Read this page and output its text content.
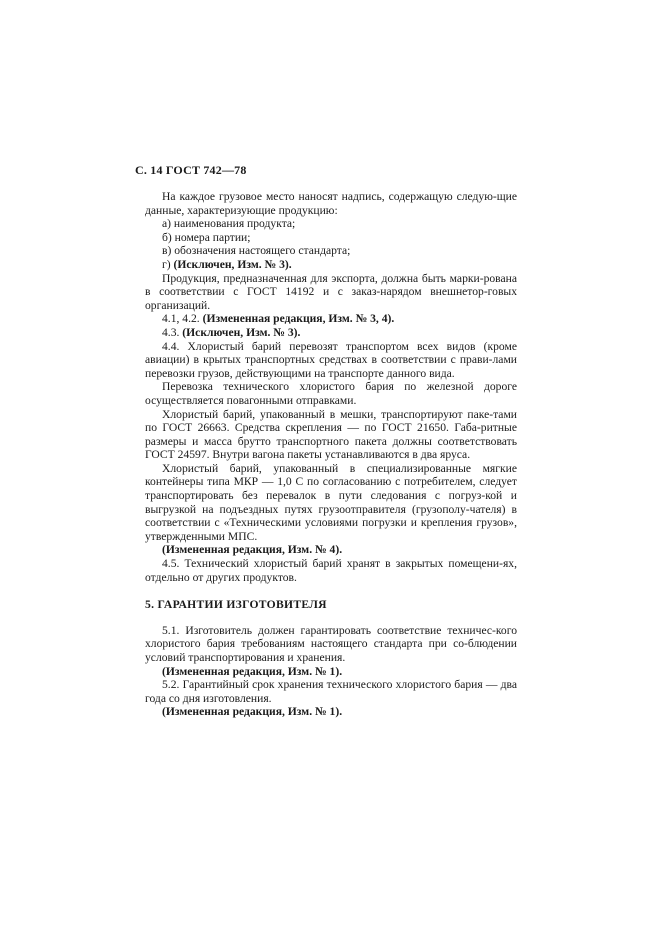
С. 14 ГОСТ 742—78

На каждое грузовое место наносят надпись, содержащую следую-щие данные, характеризующие продукцию:

а) наименования продукта;

б) номера партии;

в) обозначения настоящего стандарта;

г) (Исключен, Изм. № 3).

Продукция, предназначенная для экспорта, должна быть марки-рована в соответствии с ГОСТ 14192 и с заказ-нарядом внешнетор-говых организаций.

4.1, 4.2. (Измененная редакция, Изм. № 3, 4).

4.3. (Исключен, Изм. № 3).

4.4. Хлористый барий перевозят транспортом всех видов (кроме авиации) в крытых транспортных средствах в соответствии с прави-лами перевозки грузов, действующими на транспорте данного вида.

Перевозка технического хлористого бария по железной дороге осуществляется повагонными отправками.

Хлористый барий, упакованный в мешки, транспортируют паке-тами по ГОСТ 26663. Средства скрепления — по ГОСТ 21650. Габа-ритные размеры и масса брутто транспортного пакета должны соответствовать ГОСТ 24597. Внутри вагона пакеты устанавливаются в два яруса.

Хлористый барий, упакованный в специализированные мягкие контейнеры типа МКР — 1,0 С по согласованию с потребителем, следует транспортировать без перевалок в пути следования с погруз-кой и выгрузкой на подъездных путях грузоотправителя (грузополу-чателя) в соответствии с «Техническими условиями погрузки и крепления грузов», утвержденными МПС.

(Измененная редакция, Изм. № 4).

4.5. Технический хлористый барий хранят в закрытых помещени-ях, отдельно от других продуктов.

5. ГАРАНТИИ ИЗГОТОВИТЕЛЯ

5.1. Изготовитель должен гарантировать соответствие техничес-кого хлористого бария требованиям настоящего стандарта при со-блюдении условий транспортирования и хранения.

(Измененная редакция, Изм. № 1).

5.2. Гарантийный срок хранения технического хлористого бария — два года со дня изготовления.

(Измененная редакция, Изм. № 1).
